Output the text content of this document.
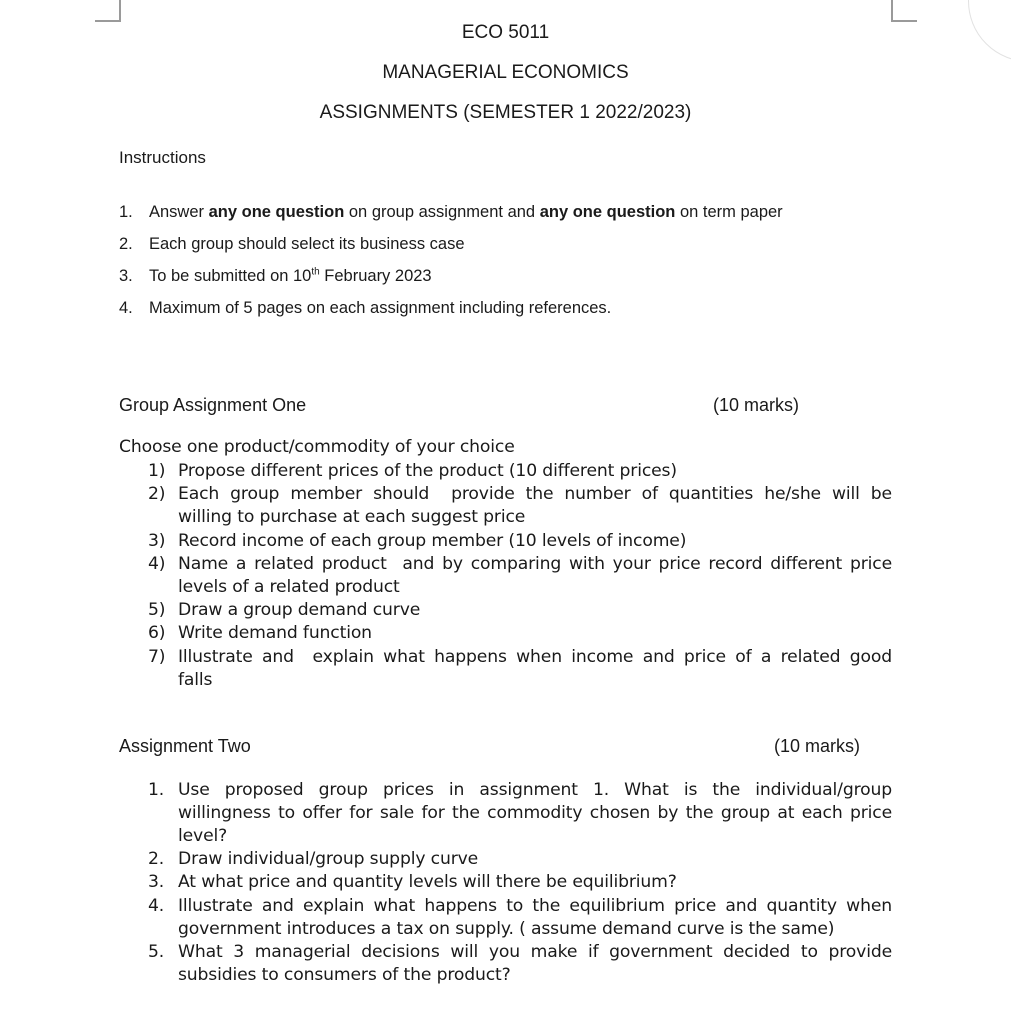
ECO 5011
MANAGERIAL ECONOMICS
ASSIGNMENTS (SEMESTER 1 2022/2023)
Instructions
1. Answer any one question on group assignment and any one question on term paper
2. Each group should select its business case
3. To be submitted on 10th February 2023
4. Maximum of 5 pages on each assignment including references.
Group Assignment One	(10 marks)
Choose one product/commodity of your choice
1) Propose different prices of the product (10 different prices)
2) Each group member should  provide the number of quantities he/she will be
willing to purchase at each suggest price
3) Record income of each group member (10 levels of income)
4) Name a related product  and by comparing with your price record different price
levels of a related product
5) Draw a group demand curve
6) Write demand function
7) Illustrate and  explain what happens when income and price of a related good
falls
Assignment Two	(10 marks)
1. Use proposed group prices in assignment 1. What is the individual/group
willingness to offer for sale for the commodity chosen by the group at each price
level?
2. Draw individual/group supply curve
3. At what price and quantity levels will there be equilibrium?
4. Illustrate and explain what happens to the equilibrium price and quantity when
government introduces a tax on supply. ( assume demand curve is the same)
5. What 3 managerial decisions will you make if government decided to provide
subsidies to consumers of the product?
